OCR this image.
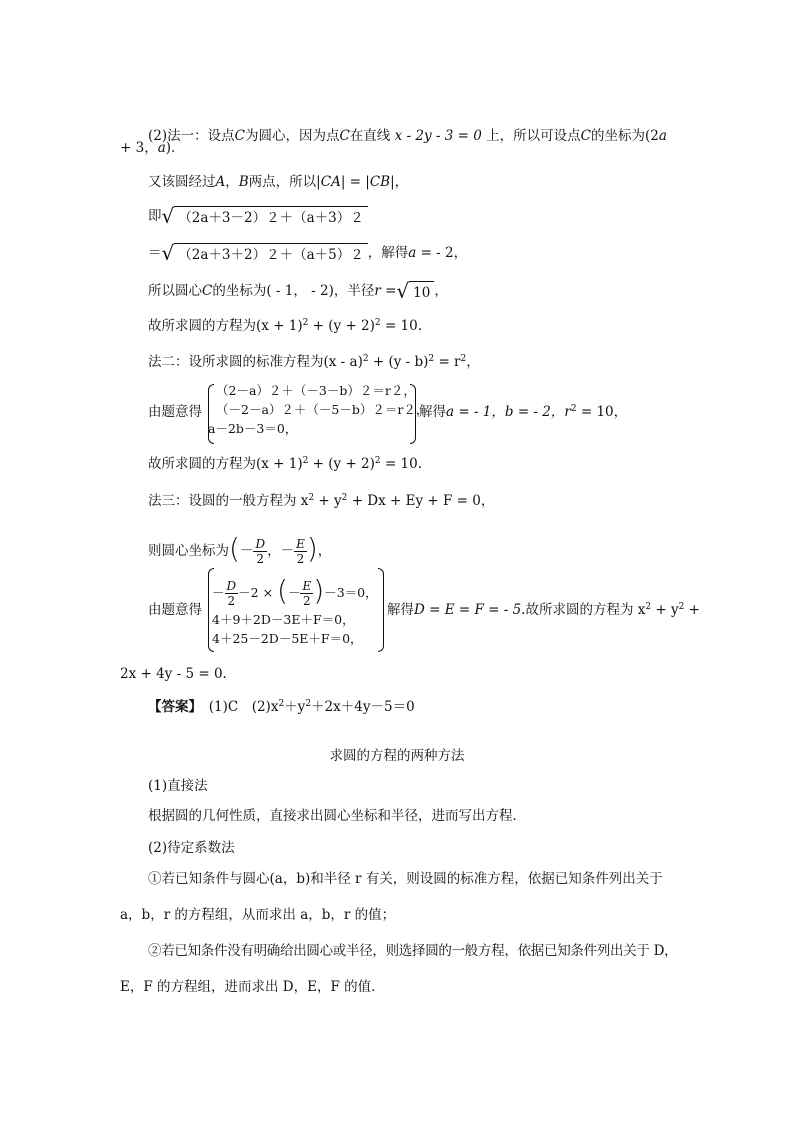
(2)法一：设点C为圆心，因为点C在直线 x - 2y - 3 = 0 上，所以可设点C的坐标为(2a
+ 3，a)．
又该圆经过A，B两点，所以|CA| = |CB|，
即√ （2a＋3－2）２＋（a＋3）２
＝√ （2a＋3＋2）２＋（a＋5）２ ，解得a = - 2，
所以圆心C的坐标为( - 1， - 2)，半径r =√ 10 ，
故所求圆的方程为$(x + 1)^2 + (y + 2)^2 = 10$.
法二：设所求圆的标准方程为$(x - a)^2 + (y - b)^2 = r^2$，
由题意得
（2－a）２＋（－3－b）２＝r２，
（－2－a）２＋（－5－b）２＝r２，
a－2b－3＝0，
解得a = - 1，b = - 2，$r^2 = 10$，
故所求圆的方程为$(x + 1)^2 + (y + 2)^2 = 10$.
法三：设圆的一般方程为 $x^2 + y^2 + Dx + Ey + F = 0$，
则圆心坐标为(－ $\frac{D}{2}$ ，－ $\frac{E}{2}$ )，
由题意得
－ $\frac{D}{2} -2$ × (－ $\frac{E}{2} )-3=0$，
4＋9＋2D－3E＋F＝0，
4＋25－2D－5E＋F＝0，
解得D = E = F = - 5.故所求圆的方程为 $x^2 + y^2$ +
2x + 4y - 5 = 0.
【答案】　 (1)C　$(2)x^2+y^2+2x+4y-5=0$
求圆的方程的两种方法
(1)直接法
根据圆的几何性质，直接求出圆心坐标和半径，进而写出方程．
(2)待定系数法
①若已知条件与圆心(a，b)和半径 r 有关，则设圆的标准方程，依据已知条件列出关于
a，b，r 的方程组，从而求出 a，b，r 的值；
②若已知条件没有明确给出圆心或半径，则选择圆的一般方程，依据已知条件列出关于 D，
E，F 的方程组，进而求出 D，E，F 的值．
